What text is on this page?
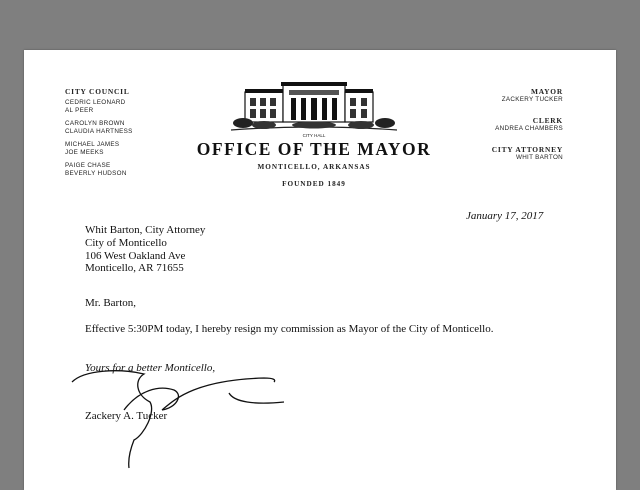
CITY COUNCIL
CEDRIC LEONARD
AL PEER
CAROLYN BROWN
CLAUDIA HARTNESS
MICHAEL JAMES
JOE MEEKS
PAIGE CHASE
BEVERLY HUDSON
CITY HALL
OFFICE OF THE MAYOR
MONTICELLO, ARKANSAS
FOUNDED 1849
MAYOR
ZACKERY TUCKER
CLERK
ANDREA CHAMBERS
CITY ATTORNEY
WHIT BARTON
January 17, 2017
Whit Barton, City Attorney
City of Monticello
106 West Oakland Ave
Monticello, AR 71655
Mr. Barton,
Effective 5:30PM today, I hereby resign my commission as Mayor of the City of Monticello.
Yours for a better Monticello,
Zackery A. Tucker
